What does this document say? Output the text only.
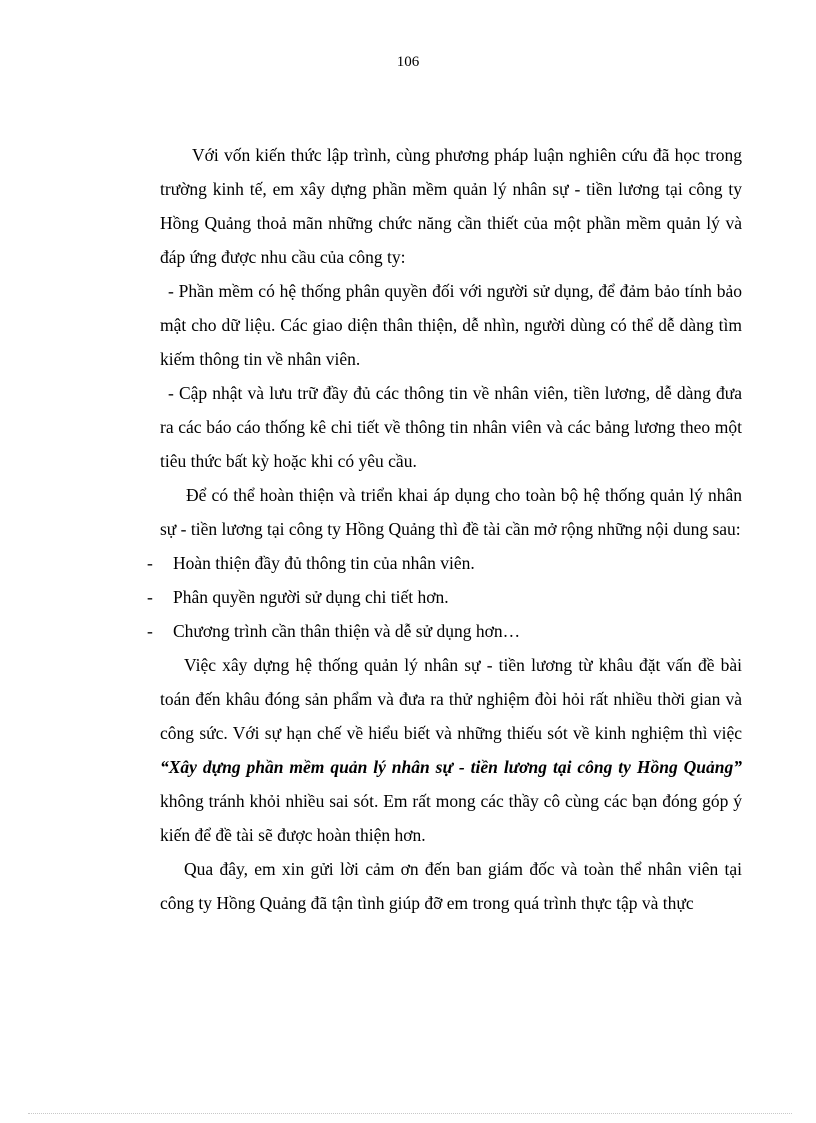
106

Với vốn kiến thức lập trình, cùng phương pháp luận nghiên cứu đã học trong trường kinh tế, em xây dựng phần mềm quản lý nhân sự - tiền lương tại công ty Hồng Quảng thoả mãn những chức năng cần thiết của một phần mềm quản lý và đáp ứng được nhu cầu của công ty:

- Phần mềm có hệ thống phân quyền đối với người sử dụng, để đảm bảo tính bảo mật cho dữ liệu. Các giao diện thân thiện, dễ nhìn, người dùng có thể dễ dàng tìm kiếm thông tin về nhân viên.

- Cập nhật và lưu trữ đầy đủ các thông tin về nhân viên, tiền lương, dễ dàng đưa ra các báo cáo thống kê chi tiết về thông tin nhân viên và các bảng lương theo một tiêu thức bất kỳ hoặc khi có yêu cầu.

Để có thể hoàn thiện và triển khai áp dụng cho toàn bộ hệ thống quản lý nhân sự - tiền lương tại công ty Hồng Quảng thì đề tài cần mở rộng những nội dung sau:

-	Hoàn thiện đầy đủ thông tin của nhân viên.
-	Phân quyền người sử dụng chi tiết hơn.
-	Chương trình cần thân thiện và dễ sử dụng hơn…

Việc xây dựng hệ thống quản lý nhân sự - tiền lương từ khâu đặt vấn đề bài toán đến khâu đóng sản phẩm và đưa ra thử nghiệm đòi hỏi rất nhiều thời gian và công sức. Với sự hạn chế về hiểu biết và những thiếu sót về kinh nghiệm thì việc “Xây dựng phần mềm quản lý nhân sự - tiền lương tại công ty Hồng Quảng” không tránh khỏi nhiều sai sót. Em rất mong các thầy cô cùng các bạn đóng góp ý kiến để đề tài sẽ được hoàn thiện hơn.

Qua đây, em xin gửi lời cảm ơn đến ban giám đốc và toàn thể nhân viên tại công ty Hồng Quảng đã tận tình giúp đỡ em trong quá trình thực tập và thực
